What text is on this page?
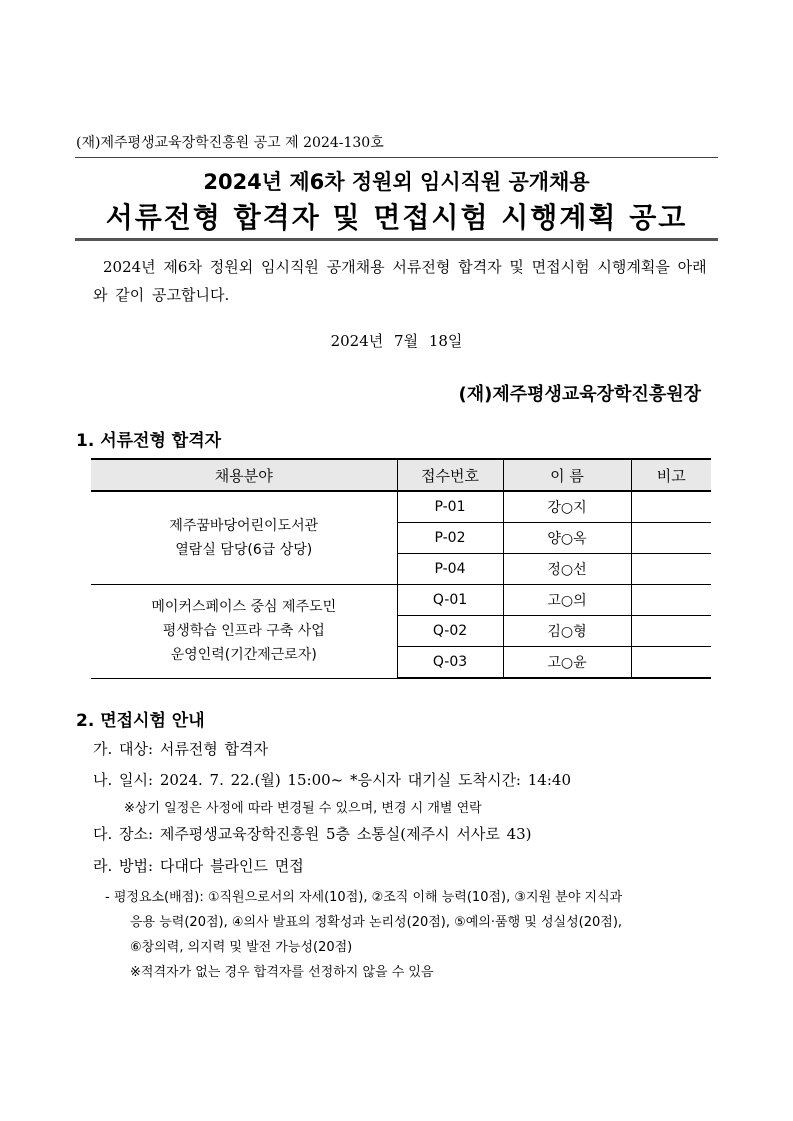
(재)제주평생교육장학진흥원 공고 제 2024-130호
2024년 제6차 정원외 임시직원 공개채용
서류전형 합격자 및 면접시험 시행계획 공고
2024년 제6차 정원외 임시직원 공개채용 서류전형 합격자 및 면접시험 시행계획을 아래와 같이 공고합니다.
2024년 7월 18일
(재)제주평생교육장학진흥원장
1. 서류전형 합격자
채용분야	접수번호	이 름	비고
제주꿈바당어린이도서관
열람실 담당(6급 상당)	P-01	강○지	
	P-02	양○옥	
	P-04	정○선	
메이커스페이스 중심 제주도민
평생학습 인프라 구축 사업
운영인력(기간제근로자)	Q-01	고○의	
	Q-02	김○형	
	Q-03	고○윤	
2. 면접시험 안내
가. 대상: 서류전형 합격자
나. 일시: 2024. 7. 22.(월) 15:00~ *응시자 대기실 도착시간: 14:40
※상기 일정은 사정에 따라 변경될 수 있으며, 변경 시 개별 연락
다. 장소: 제주평생교육장학진흥원 5층 소통실(제주시 서사로 43)
라. 방법: 다대다 블라인드 면접
- 평정요소(배점): ①직원으로서의 자세(10점), ②조직 이해 능력(10점), ③지원 분야 지식과
응용 능력(20점), ④의사 발표의 정확성과 논리성(20점), ⑤예의·품행 및 성실성(20점),
⑥창의력, 의지력 및 발전 가능성(20점)
※적격자가 없는 경우 합격자를 선정하지 않을 수 있음
